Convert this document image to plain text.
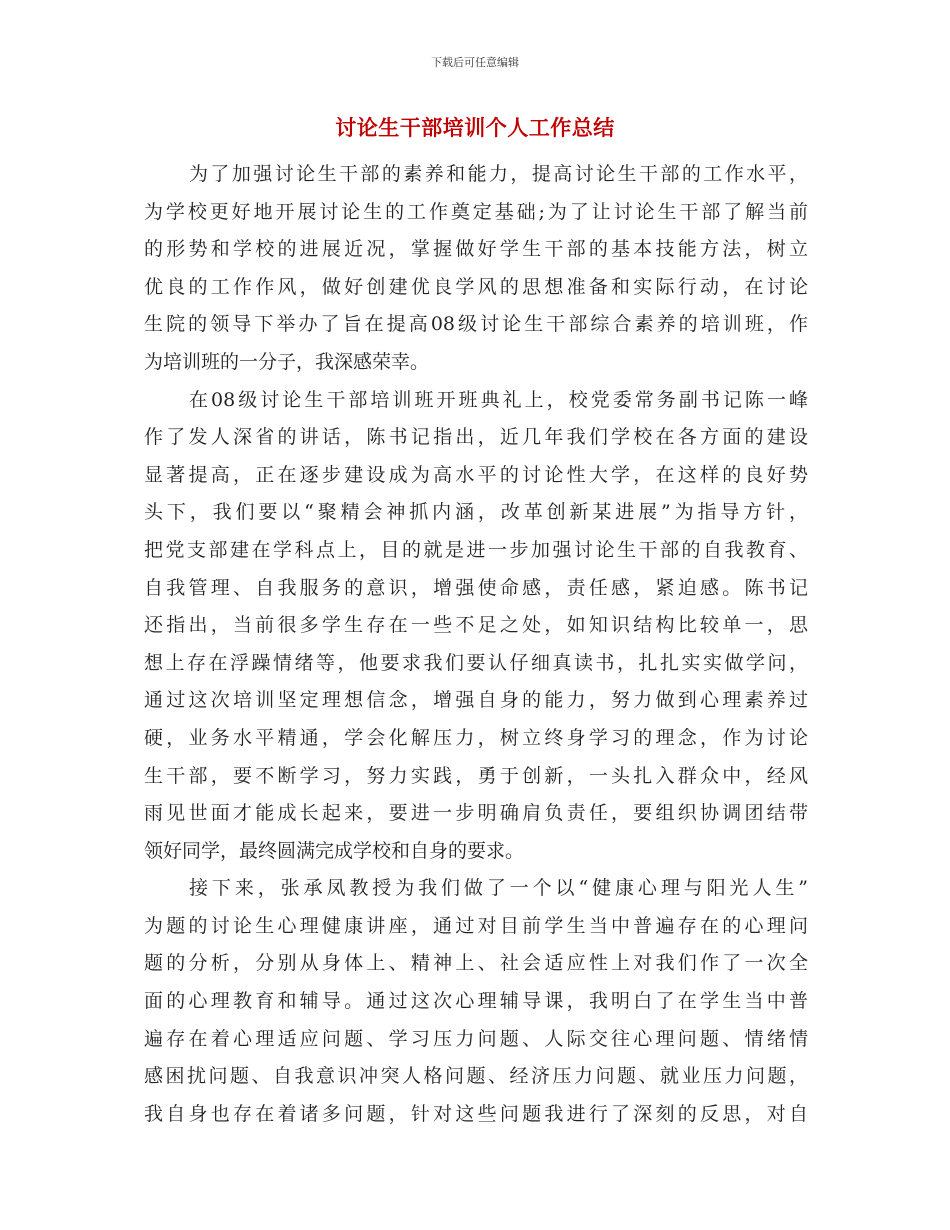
下载后可任意编辑
讨论生干部培训个人工作总结
为了加强讨论生干部的素养和能力，提高讨论生干部的工作水平，
为学校更好地开展讨论生的工作奠定基础;为了让讨论生干部了解当前
的形势和学校的进展近况，掌握做好学生干部的基本技能方法，树立
优良的工作作风，做好创建优良学风的思想准备和实际行动，在讨论
生院的领导下举办了旨在提高08级讨论生干部综合素养的培训班，作
为培训班的一分子，我深感荣幸。
在08级讨论生干部培训班开班典礼上，校党委常务副书记陈一峰
作了发人深省的讲话，陈书记指出，近几年我们学校在各方面的建设
显著提高，正在逐步建设成为高水平的讨论性大学，在这样的良好势
头下，我们要以“聚精会神抓内涵，改革创新某进展”为指导方针，
把党支部建在学科点上，目的就是进一步加强讨论生干部的自我教育、
自我管理、自我服务的意识，增强使命感，责任感，紧迫感。陈书记
还指出，当前很多学生存在一些不足之处，如知识结构比较单一，思
想上存在浮躁情绪等，他要求我们要认仔细真读书，扎扎实实做学问，
通过这次培训坚定理想信念，增强自身的能力，努力做到心理素养过
硬，业务水平精通，学会化解压力，树立终身学习的理念，作为讨论
生干部，要不断学习，努力实践，勇于创新，一头扎入群众中，经风
雨见世面才能成长起来，要进一步明确肩负责任，要组织协调团结带
领好同学，最终圆满完成学校和自身的要求。
接下来，张承凤教授为我们做了一个以“健康心理与阳光人生”
为题的讨论生心理健康讲座，通过对目前学生当中普遍存在的心理问
题的分析，分别从身体上、精神上、社会适应性上对我们作了一次全
面的心理教育和辅导。通过这次心理辅导课，我明白了在学生当中普
遍存在着心理适应问题、学习压力问题、人际交往心理问题、情绪情
感困扰问题、自我意识冲突人格问题、经济压力问题、就业压力问题，
我自身也存在着诸多问题，针对这些问题我进行了深刻的反思，对自
